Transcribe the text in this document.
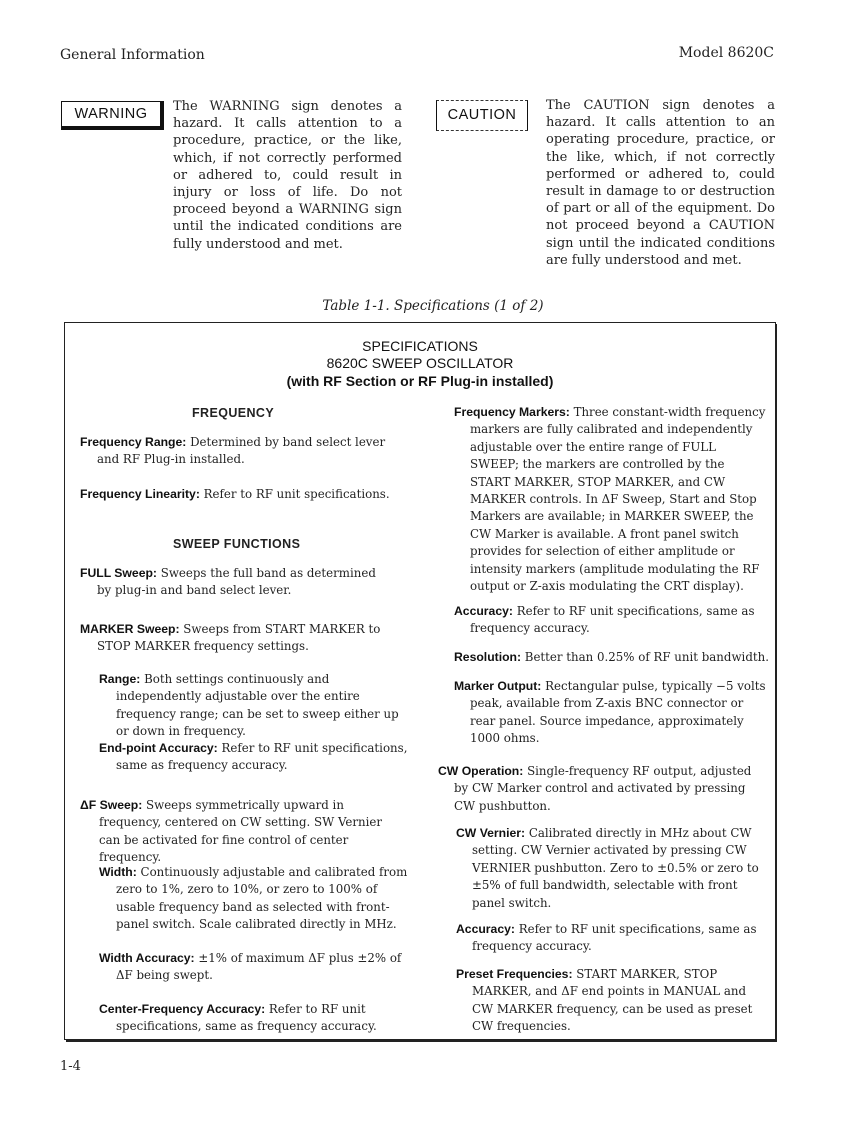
General Information	Model 8620C
WARNING	The WARNING sign denotes a hazard. It calls attention to a procedure, practice, or the like, which, if not correctly performed or adhered to, could result in injury or loss of life. Do not proceed beyond a WARNING sign until the indicated conditions are fully understood and met.
CAUTION
The CAUTION sign denotes a hazard. It calls attention to an operating procedure, practice, or the like, which, if not correctly performed or adhered to, could result in damage to or destruction of part or all of the equipment. Do not proceed beyond a CAUTION sign until the indicated conditions are fully understood and met.
Table 1-1. Specifications (1 of 2)
SPECIFICATIONS
8620C SWEEP OSCILLATOR
(with RF Section or RF Plug-in installed)
FREQUENCY
Frequency Range: Determined by band select lever and RF Plug-in installed.
Frequency Linearity: Refer to RF unit specifications.
SWEEP FUNCTIONS
FULL Sweep: Sweeps the full band as determined by plug-in and band select lever.
MARKER Sweep: Sweeps from START MARKER to STOP MARKER frequency settings.
Range: Both settings continuously and independently adjustable over the entire frequency range; can be set to sweep either up or down in frequency.
End-point Accuracy: Refer to RF unit specifications, same as frequency accuracy.
ΔF Sweep: Sweeps symmetrically upward in frequency, centered on CW setting. SW Vernier can be activated for fine control of center frequency.
Width: Continuously adjustable and calibrated from zero to 1%, zero to 10%, or zero to 100% of usable frequency band as selected with front-panel switch. Scale calibrated directly in MHz.
Width Accuracy: ±1% of maximum ΔF plus ±2% of ΔF being swept.
Center-Frequency Accuracy: Refer to RF unit specifications, same as frequency accuracy.
Frequency Markers: Three constant-width frequency markers are fully calibrated and independently adjustable over the entire range of FULL SWEEP; the markers are controlled by the START MARKER, STOP MARKER, and CW MARKER controls. In ΔF Sweep, Start and Stop Markers are available; in MARKER SWEEP, the CW Marker is available. A front panel switch provides for selection of either amplitude or intensity markers (amplitude modulating the RF output or Z-axis modulating the CRT display).
Accuracy: Refer to RF unit specifications, same as frequency accuracy.
Resolution: Better than 0.25% of RF unit bandwidth.
Marker Output: Rectangular pulse, typically −5 volts peak, available from Z-axis BNC connector or rear panel. Source impedance, approximately 1000 ohms.
CW Operation: Single-frequency RF output, adjusted by CW Marker control and activated by pressing CW pushbutton.
CW Vernier: Calibrated directly in MHz about CW setting. CW Vernier activated by pressing CW VERNIER pushbutton. Zero to ±0.5% or zero to ±5% of full bandwidth, selectable with front panel switch.
Accuracy: Refer to RF unit specifications, same as frequency accuracy.
Preset Frequencies: START MARKER, STOP MARKER, and ΔF end points in MANUAL and CW MARKER frequency, can be used as preset CW frequencies.
1-4
